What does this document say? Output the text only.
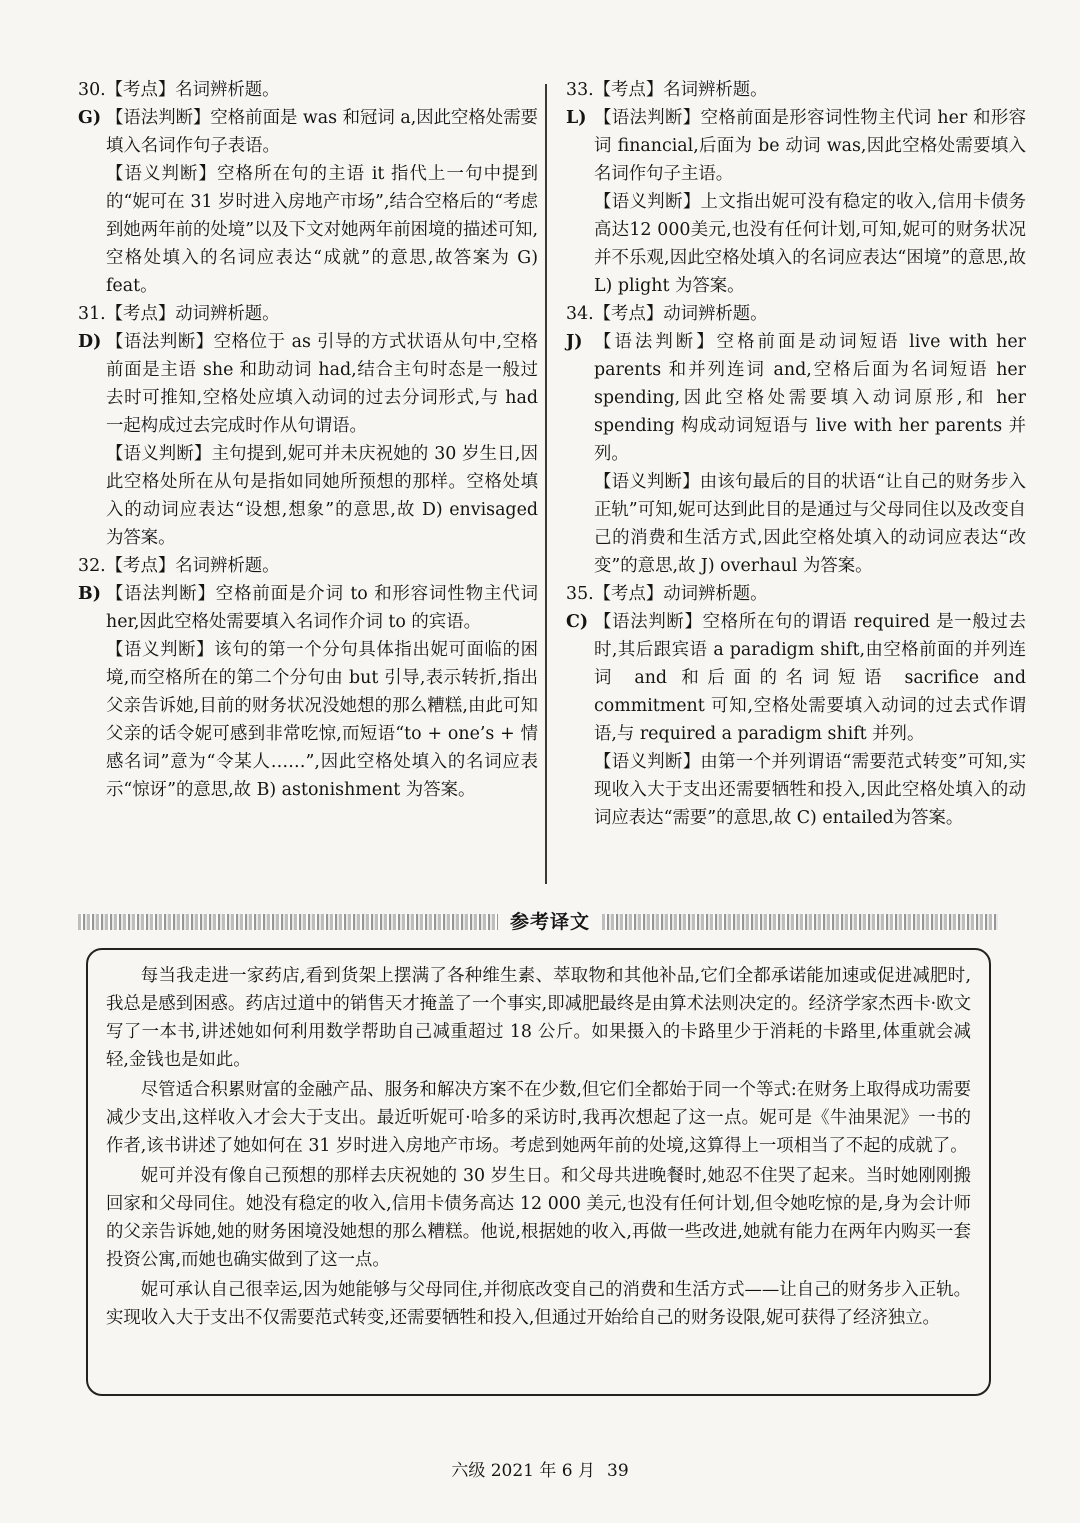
30.【考点】名词辨析题。
G) 【语法判断】空格前面是 was 和冠词 a,因此空格处需要填入名词作句子表语。
【语义判断】空格所在句的主语 it 指代上一句中提到的“妮可在 31 岁时进入房地产市场”,结合空格后的“考虑到她两年前的处境”以及下文对她两年前困境的描述可知,空格处填入的名词应表达“成就”的意思,故答案为 G) feat。
31.【考点】动词辨析题。
D) 【语法判断】空格位于 as 引导的方式状语从句中,空格前面是主语 she 和助动词 had,结合主句时态是一般过去时可推知,空格处应填入动词的过去分词形式,与 had 一起构成过去完成时作从句谓语。
【语义判断】主句提到,妮可并未庆祝她的 30 岁生日,因此空格处所在从句是指如同她所预想的那样。空格处填入的动词应表达“设想,想象”的意思,故 D) envisaged 为答案。
32.【考点】名词辨析题。
B) 【语法判断】空格前面是介词 to 和形容词性物主代词 her,因此空格处需要填入名词作介词 to 的宾语。
【语义判断】该句的第一个分句具体指出妮可面临的困境,而空格所在的第二个分句由 but 引导,表示转折,指出父亲告诉她,目前的财务状况没她想的那么糟糕,由此可知父亲的话令妮可感到非常吃惊,而短语“to + one’s + 情感名词”意为“令某人……”,因此空格处填入的名词应表示“惊讶”的意思,故 B) astonishment 为答案。
33.【考点】名词辨析题。
L) 【语法判断】空格前面是形容词性物主代词 her 和形容词 financial,后面为 be 动词 was,因此空格处需要填入名词作句子主语。
【语义判断】上文指出妮可没有稳定的收入,信用卡债务高达12 000美元,也没有任何计划,可知,妮可的财务状况并不乐观,因此空格处填入的名词应表达“困境”的意思,故 L) plight 为答案。
34.【考点】动词辨析题。
J) 【语法判断】空格前面是动词短语 live with her parents 和并列连词 and,空格后面为名词短语 her spending,因此空格处需要填入动词原形,和 her spending 构成动词短语与 live with her parents 并列。
【语义判断】由该句最后的目的状语“让自己的财务步入正轨”可知,妮可达到此目的是通过与父母同住以及改变自己的消费和生活方式,因此空格处填入的动词应表达“改变”的意思,故 J) overhaul 为答案。
35.【考点】动词辨析题。
C) 【语法判断】空格所在句的谓语 required 是一般过去时,其后跟宾语 a paradigm shift,由空格前面的并列连词 and 和后面的名词短语 sacrifice and commitment 可知,空格处需要填入动词的过去式作谓语,与 required a paradigm shift 并列。
【语义判断】由第一个并列谓语“需要范式转变”可知,实现收入大于支出还需要牺牲和投入,因此空格处填入的动词应表达“需要”的意思,故 C) entailed为答案。
参考译文

每当我走进一家药店,看到货架上摆满了各种维生素、萃取物和其他补品,它们全都承诺能加速或促进减肥时,我总是感到困惑。药店过道中的销售天才掩盖了一个事实,即减肥最终是由算术法则决定的。经济学家杰西卡·欧文写了一本书,讲述她如何利用数学帮助自己减重超过 18 公斤。如果摄入的卡路里少于消耗的卡路里,体重就会减轻,金钱也是如此。

尽管适合积累财富的金融产品、服务和解决方案不在少数,但它们全都始于同一个等式:在财务上取得成功需要减少支出,这样收入才会大于支出。最近听妮可·哈多的采访时,我再次想起了这一点。妮可是《牛油果泥》一书的作者,该书讲述了她如何在 31 岁时进入房地产市场。考虑到她两年前的处境,这算得上一项相当了不起的成就了。

妮可并没有像自己预想的那样去庆祝她的 30 岁生日。和父母共进晚餐时,她忍不住哭了起来。当时她刚刚搬回家和父母同住。她没有稳定的收入,信用卡债务高达 12 000 美元,也没有任何计划,但令她吃惊的是,身为会计师的父亲告诉她,她的财务困境没她想的那么糟糕。他说,根据她的收入,再做一些改进,她就有能力在两年内购买一套投资公寓,而她也确实做到了这一点。

妮可承认自己很幸运,因为她能够与父母同住,并彻底改变自己的消费和生活方式——让自己的财务步入正轨。实现收入大于支出不仅需要范式转变,还需要牺牲和投入,但通过开始给自己的财务设限,妮可获得了经济独立。

六级 2021 年 6 月 39
